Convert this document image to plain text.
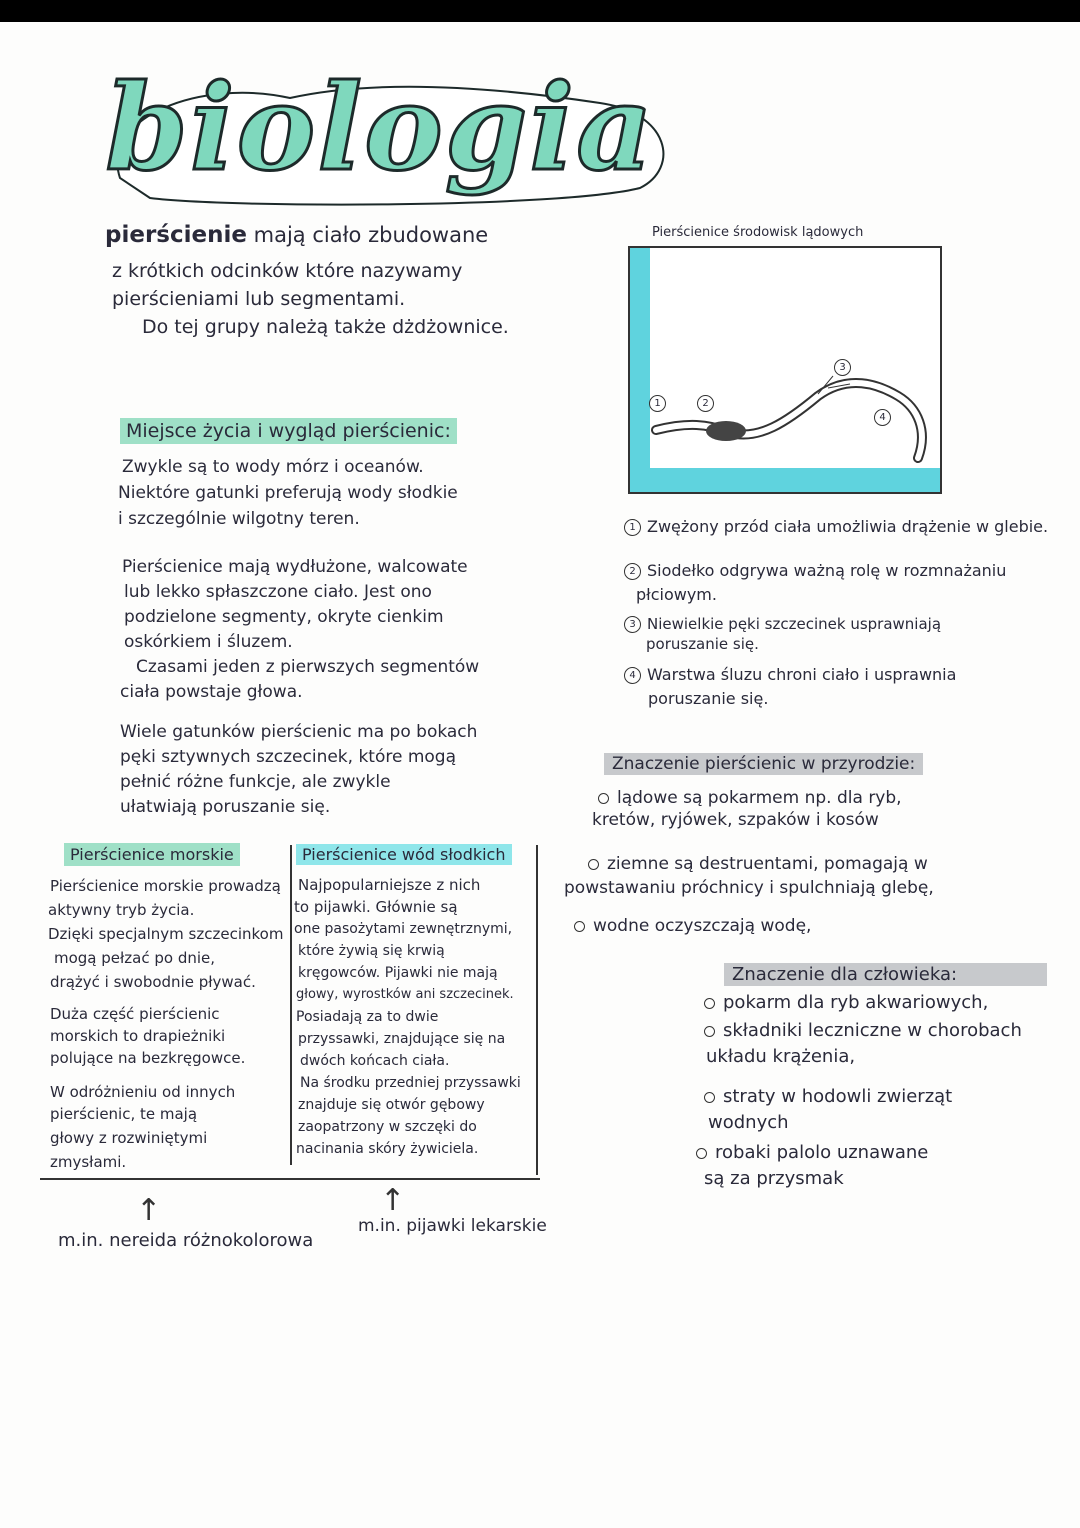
biologia
pierścienie mają ciało zbudowane
z krótkich odcinków które nazywamy
pierścieniami lub segmentami.
Do tej grupy należą także dżdżownice.
Miejsce życia i wygląd pierścienic:
Zwykle są to wody mórz i oceanów.
Niektóre gatunki preferują wody słodkie
i szczególnie wilgotny teren.
Pierścienice mają wydłużone, walcowate
lub lekko spłaszczone ciało. Jest ono
podzielone segmenty, okryte cienkim
oskórkiem i śluzem.
Czasami jeden z pierwszych segmentów
ciała powstaje głowa.
Wiele gatunków pierścienic ma po bokach
pęki sztywnych szczecinek, które mogą
pełnić różne funkcje, ale zwykle
ułatwiają poruszanie się.
Pierścienice morskie
Pierścienice morskie prowadzą
aktywny tryb życia.
Dzięki specjalnym szczecinkom
mogą pełzać po dnie,
drążyć i swobodnie pływać.
Duża część pierścienic
morskich to drapieżniki
polujące na bezkręgowce.
W odróżnieniu od innych
pierścienic, te mają
głowy z rozwiniętymi
zmysłami.
Pierścienice wód słodkich
Najpopularniejsze z nich
to pijawki. Głównie są
one pasożytami zewnętrznymi,
które żywią się krwią
kręgowców. Pijawki nie mają
głowy, wyrostków ani szczecinek.
Posiadają za to dwie
przyssawki, znajdujące się na
dwóch końcach ciała.
Na środku przedniej przyssawki
znajduje się otwór gębowy
zaopatrzony w szczęki do
nacinania skóry żywiciela.
↑	↑
m.in. nereida różnokolorowa
m.in. pijawki lekarskie
Pierścienice środowisk lądowych
1	2
3
4
1 Zwężony przód ciała umożliwia drążenie w glebie.
2 Siodełko odgrywa ważną rolę w rozmnażaniu
płciowym.
3 Niewielkie pęki szczecinek usprawniają
poruszanie się.
4 Warstwa śluzu chroni ciało i usprawnia
poruszanie się.
Znaczenie pierścienic w przyrodzie:
lądowe są pokarmem np. dla ryb,
kretów, ryjówek, szpaków i kosów
ziemne są destruentami, pomagają w
powstawaniu próchnicy i spulchniają glebę,
wodne oczyszczają wodę,
Znaczenie dla człowieka:
pokarm dla ryb akwariowych,
składniki leczniczne w chorobach
układu krążenia,
straty w hodowli zwierząt
wodnych
robaki palolo uznawane
są za przysmak
